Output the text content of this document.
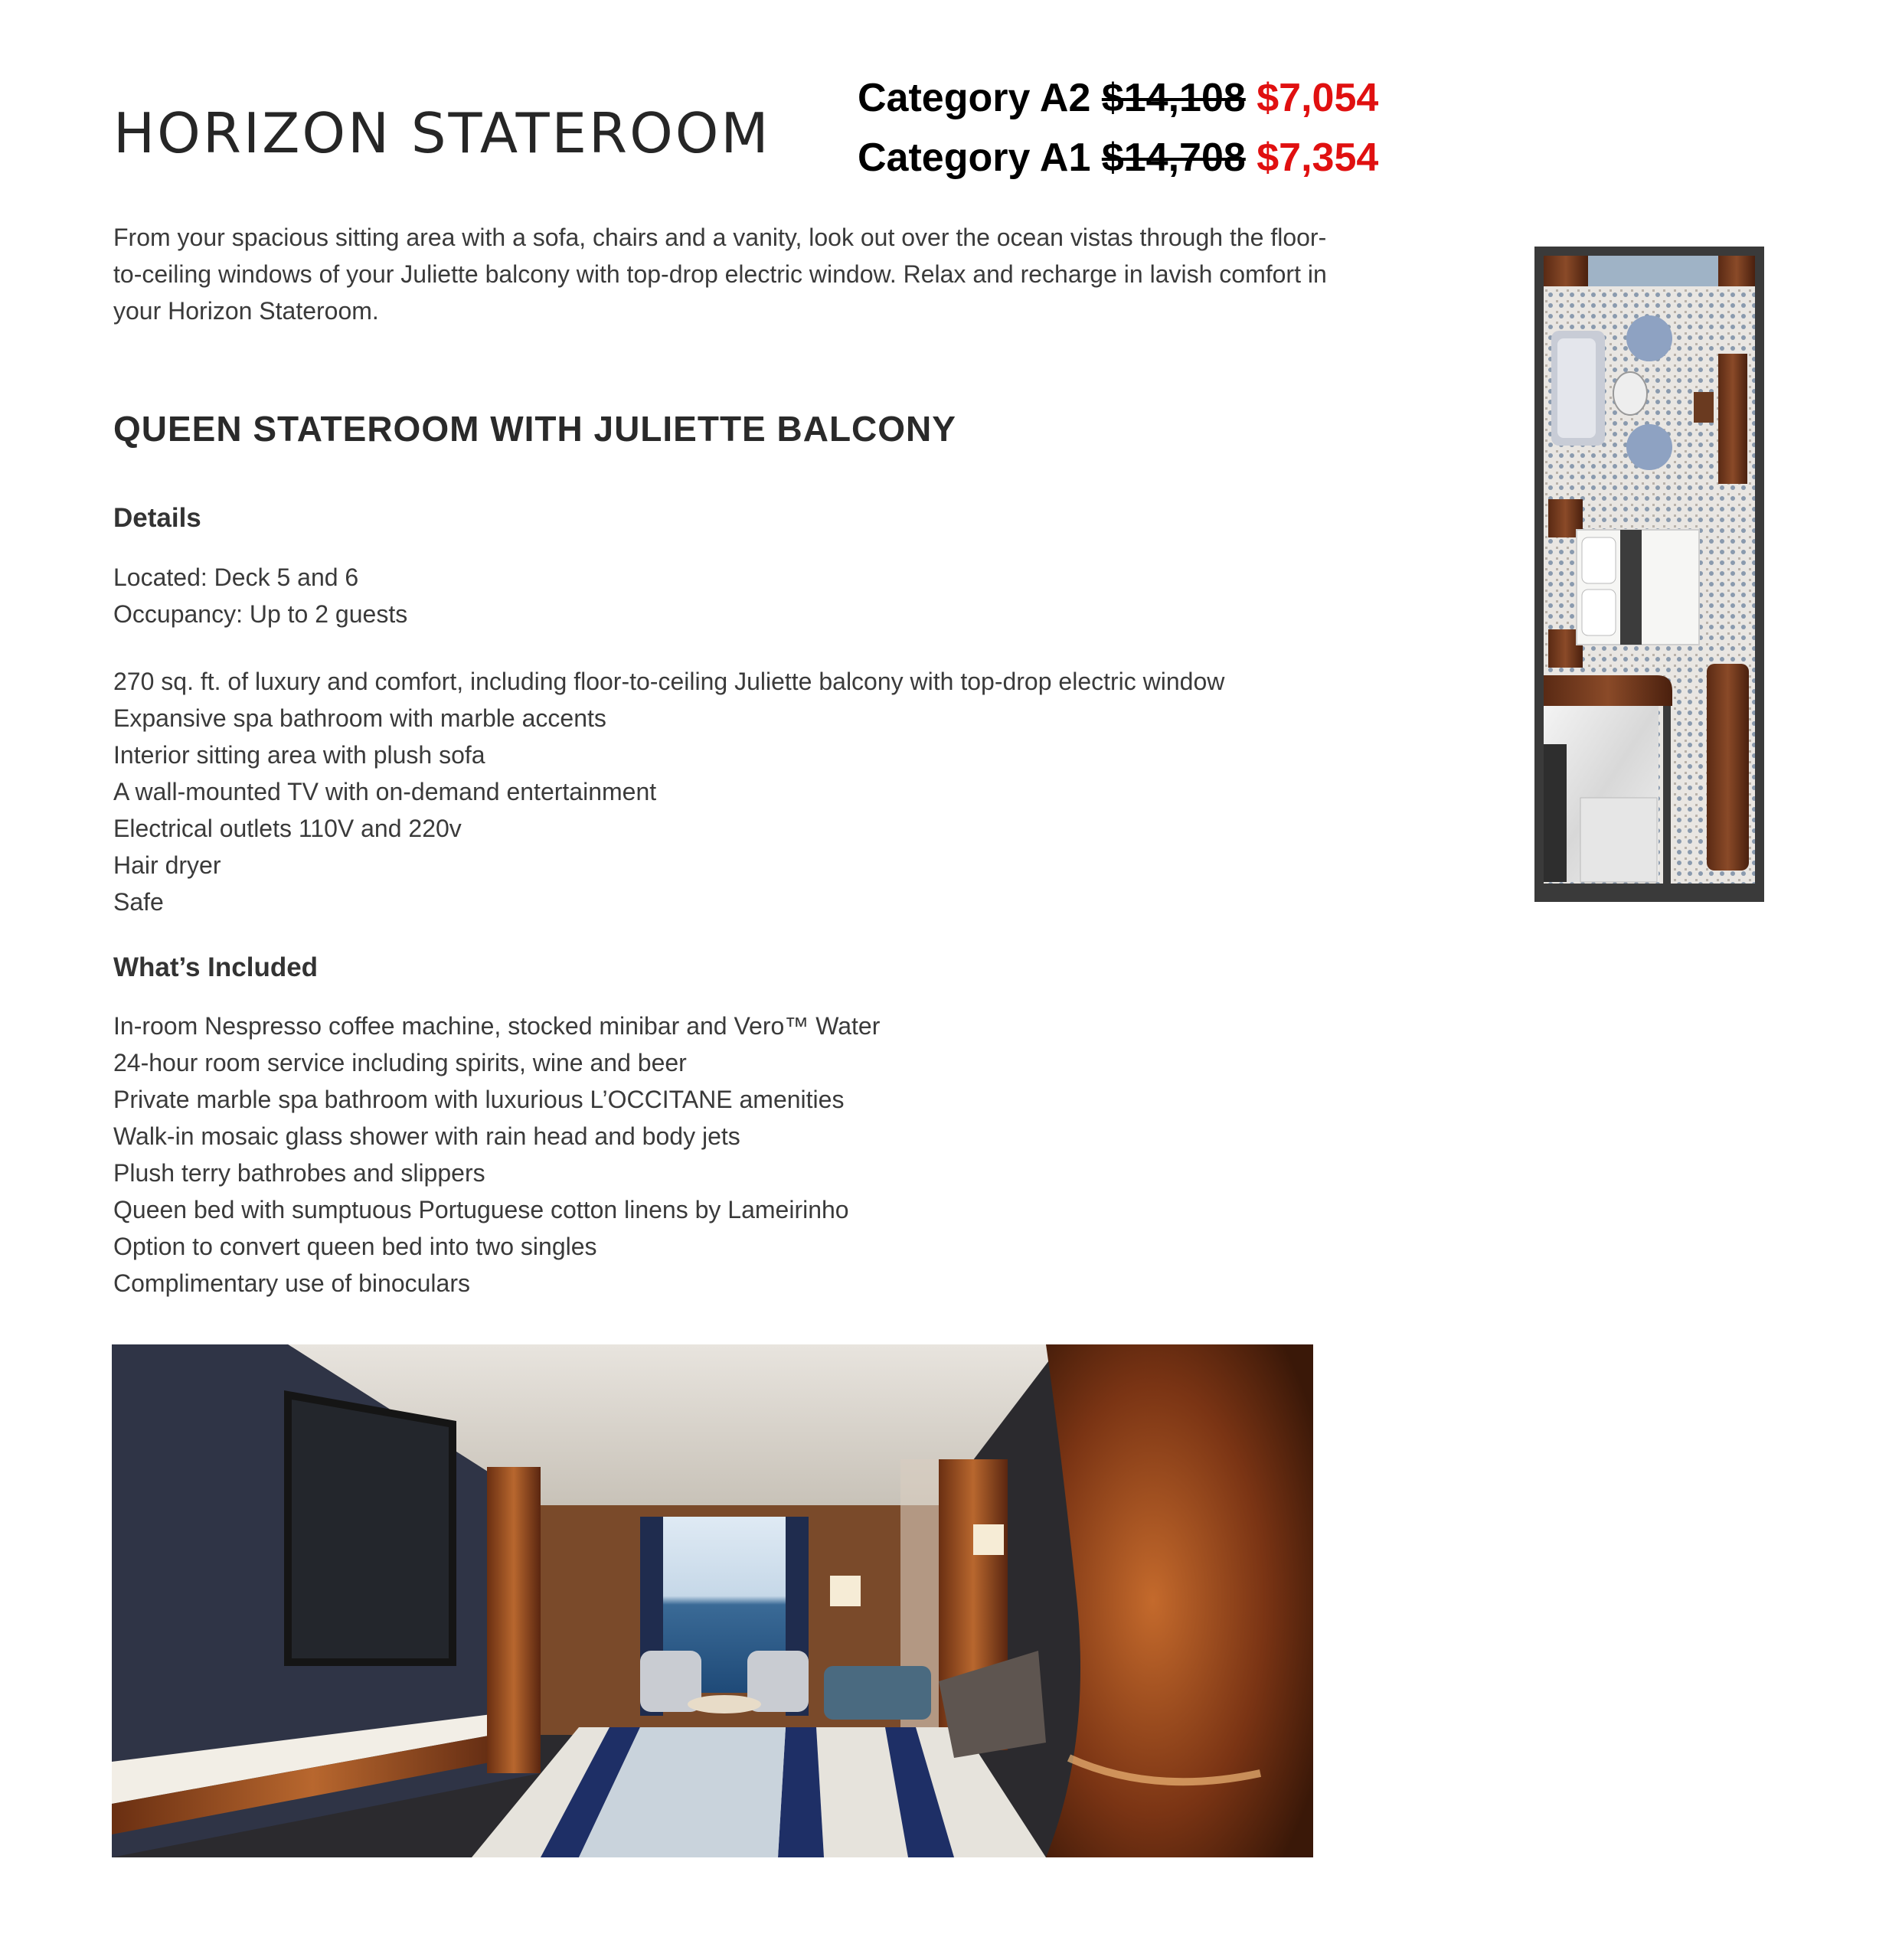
HORIZON STATEROOM
Category A2 $14,108 $7,054
Category A1 $14,708 $7,354
From your spacious sitting area with a sofa, chairs and a vanity, look out over the ocean vistas through the floor-to-ceiling windows of your Juliette balcony with top-drop electric window. Relax and recharge in lavish comfort in your Horizon Stateroom.
QUEEN STATEROOM WITH JULIETTE BALCONY
Details
Located: Deck 5 and 6
Occupancy: Up to 2 guests
270 sq. ft. of luxury and comfort, including floor-to-ceiling Juliette balcony with top-drop electric window
Expansive spa bathroom with marble accents
Interior sitting area with plush sofa
A wall-mounted TV with on-demand entertainment
Electrical outlets 110V and 220v
Hair dryer
Safe
What’s Included
In-room Nespresso coffee machine, stocked minibar and Vero™ Water
24-hour room service including spirits, wine and beer
Private marble spa bathroom with luxurious L’OCCITANE amenities
Walk-in mosaic glass shower with rain head and body jets
Plush terry bathrobes and slippers
Queen bed with sumptuous Portuguese cotton linens by Lameirinho
Option to convert queen bed into two singles
Complimentary use of binoculars
